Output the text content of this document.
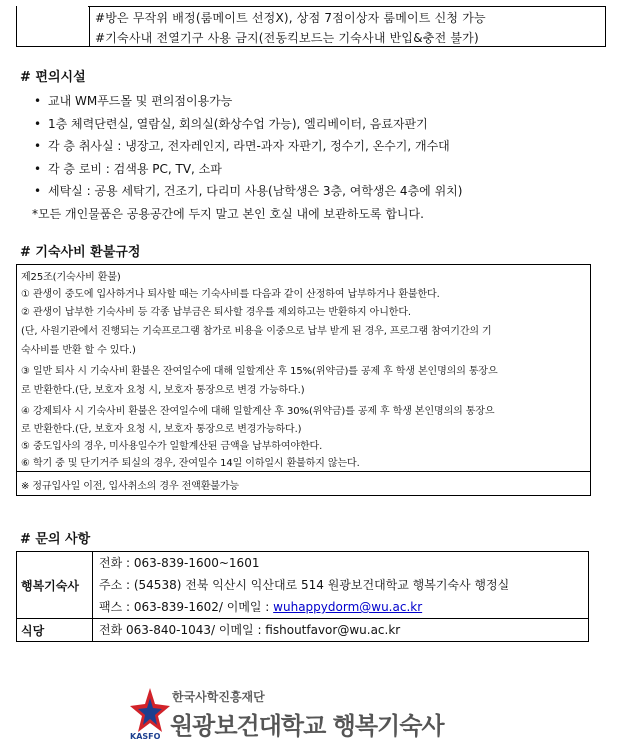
#방은 무작위 배정(룸메이트 선정X), 상점 7점이상자 룸메이트 신청 가능
#기숙사내 전열기구 사용 금지(전동킥보드는 기숙사내 반입&충전 불가)
# 편의시설
• 교내 WM푸드몰 및 편의점이용가능
• 1층 체력단련실, 열람실, 회의실(화상수업 가능), 엘리베이터, 음료자판기
• 각 층 취사실 : 냉장고, 전자레인지, 라면-과자 자판기, 정수기, 온수기, 개수대
• 각 층 로비 : 검색용 PC, TV, 소파
• 세탁실 : 공용 세탁기, 건조기, 다리미 사용(남학생은 3층, 여학생은 4층에 위치)
*모든 개인물품은 공용공간에 두지 말고 본인 호실 내에 보관하도록 합니다.
# 기숙사비 환불규정
제25조(기숙사비 환불)
① 관생이 중도에 입사하거나 퇴사할 때는 기숙사비를 다음과 같이 산정하여 납부하거나 환불한다.
② 관생이 납부한 기숙사비 등 각종 납부금은 퇴사할 경우를 제외하고는 반환하지 아니한다.
(단, 사원기관에서 진행되는 기숙프로그램 참가로 비용을 이중으로 납부 받게 된 경우, 프로그램 참여기간의 기
숙사비를 반환 할 수 있다.)
③ 일반 퇴사 시 기숙사비 환불은 잔여일수에 대해 일할계산 후 15%(위약금)를 공제 후 학생 본인명의의 통장으
로 반환한다.(단, 보호자 요청 시, 보호자 통장으로 변경 가능하다.)
④ 강제퇴사 시 기숙사비 환불은 잔여일수에 대해 일할계산 후 30%(위약금)를 공제 후 학생 본인명의의 통장으
로 반환한다.(단, 보호자 요청 시, 보호자 통장으로 변경가능하다.)
⑤ 중도입사의 경우, 미사용일수가 일할계산된 금액을 납부하여야한다.
⑥ 학기 중 및 단기거주 퇴실의 경우, 잔여일수 14일 이하일시 환불하지 않는다.
※ 정규입사일 이전, 입사취소의 경우 전액환불가능
# 문의 사항
행복기숙사	전화 : 063-839-1600~1601
주소 : (54538) 전북 익산시 익산대로 514 원광보건대학교 행복기숙사 행정실
팩스 : 063-839-1602/ 이메일 : wuhappydorm@wu.ac.kr

식당	전화 063-840-1043/ 이메일 : fishoutfavor@wu.ac.kr
KASFO
한국사학진흥재단
원광보건대학교 행복기숙사
